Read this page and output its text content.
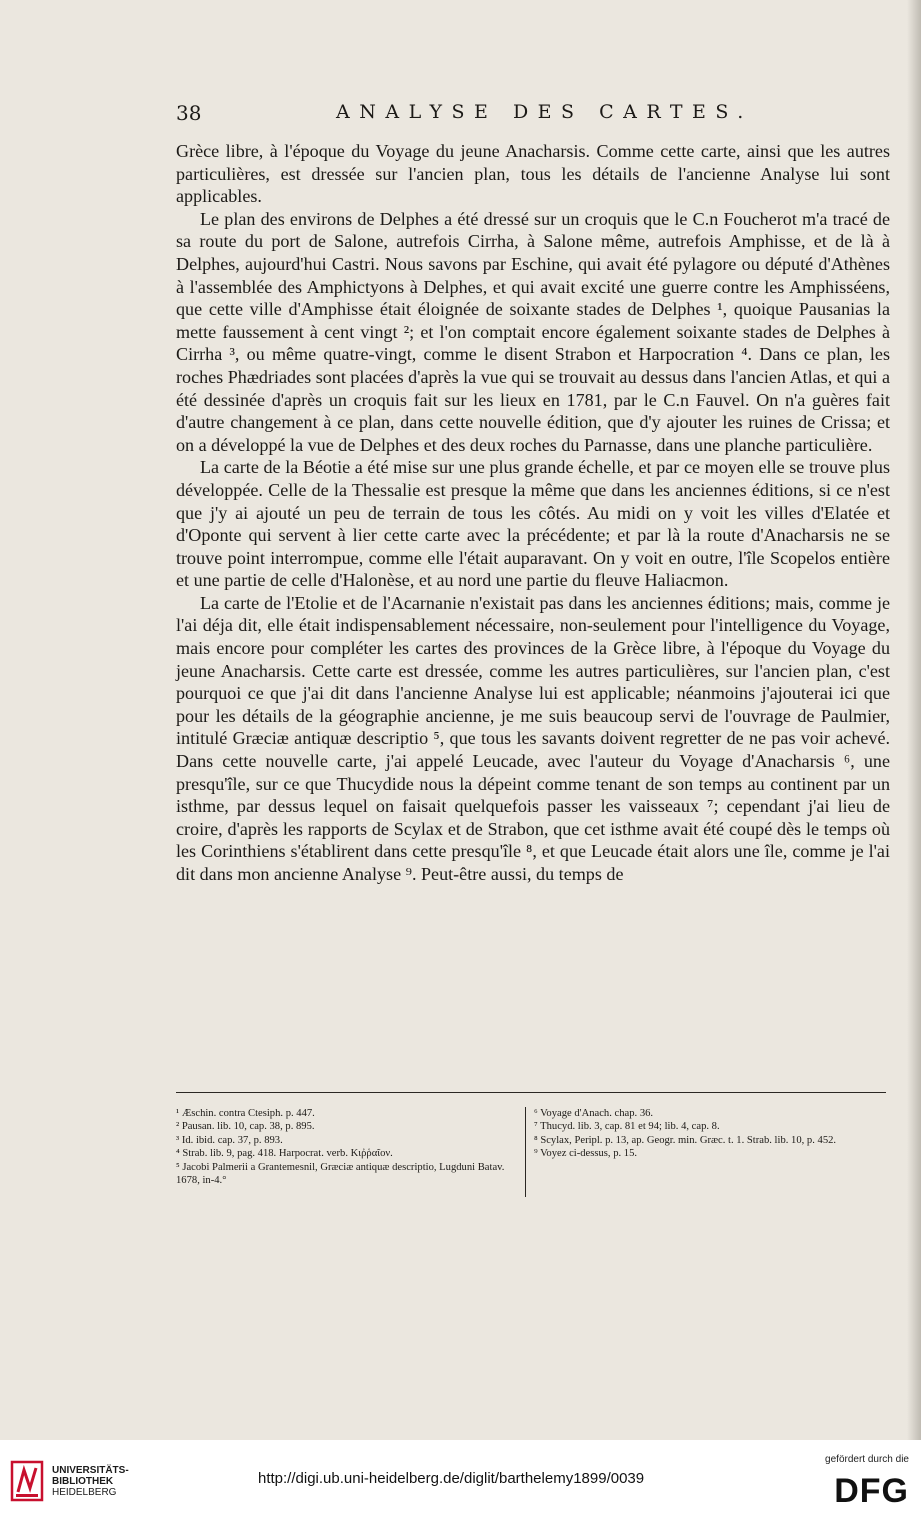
38	ANALYSE DES CARTES.

Grèce libre, à l'époque du Voyage du jeune Anacharsis. Comme cette carte, ainsi que les autres particulières, est dressée sur l'ancien plan, tous les détails de l'ancienne Analyse lui sont applicables.

Le plan des environs de Delphes a été dressé sur un croquis que le C.n Foucherot m'a tracé de sa route du port de Salone, autrefois Cirrha, à Salone même, autrefois Amphisse, et de là à Delphes, aujourd'hui Castri. Nous savons par Eschine, qui avait été pylagore ou député d'Athènes à l'assemblée des Amphictyons à Delphes, et qui avait excité une guerre contre les Amphisséens, que cette ville d'Amphisse était éloignée de soixante stades de Delphes ¹, quoique Pausanias la mette faussement à cent vingt ²; et l'on comptait encore également soixante stades de Delphes à Cirrha ³, ou même quatre-vingt, comme le disent Strabon et Harpocration ⁴. Dans ce plan, les roches Phædriades sont placées d'après la vue qui se trouvait au dessus dans l'ancien Atlas, et qui a été dessinée d'après un croquis fait sur les lieux en 1781, par le C.n Fauvel. On n'a guères fait d'autre changement à ce plan, dans cette nouvelle édition, que d'y ajouter les ruines de Crissa; et on a développé la vue de Delphes et des deux roches du Parnasse, dans une planche particulière.

La carte de la Béotie a été mise sur une plus grande échelle, et par ce moyen elle se trouve plus développée. Celle de la Thessalie est presque la même que dans les anciennes éditions, si ce n'est que j'y ai ajouté un peu de terrain de tous les côtés. Au midi on y voit les villes d'Elatée et d'Oponte qui servent à lier cette carte avec la précédente; et par là la route d'Anacharsis ne se trouve point interrompue, comme elle l'était auparavant. On y voit en outre, l'île Scopelos entière et une partie de celle d'Halonèse, et au nord une partie du fleuve Haliacmon.

La carte de l'Etolie et de l'Acarnanie n'existait pas dans les anciennes éditions; mais, comme je l'ai déja dit, elle était indispensablement nécessaire, non-seulement pour l'intelligence du Voyage, mais encore pour compléter les cartes des provinces de la Grèce libre, à l'époque du Voyage du jeune Anacharsis. Cette carte est dressée, comme les autres particulières, sur l'ancien plan, c'est pourquoi ce que j'ai dit dans l'ancienne Analyse lui est applicable; néanmoins j'ajouterai ici que pour les détails de la géographie ancienne, je me suis beaucoup servi de l'ouvrage de Paulmier, intitulé Græciæ antiquæ descriptio ⁵, que tous les savants doivent regretter de ne pas voir achevé. Dans cette nouvelle carte, j'ai appelé Leucade, avec l'auteur du Voyage d'Anacharsis ⁶, une presqu'île, sur ce que Thucydide nous la dépeint comme tenant de son temps au continent par un isthme, par dessus lequel on faisait quelquefois passer les vaisseaux ⁷; cependant j'ai lieu de croire, d'après les rapports de Scylax et de Strabon, que cet isthme avait été coupé dès le temps où les Corinthiens s'établirent dans cette presqu'île ⁸, et que Leucade était alors une île, comme je l'ai dit dans mon ancienne Analyse ⁹. Peut-être aussi, du temps de

¹ Æschin. contra Ctesiph. p. 447.

² Pausan. lib. 10, cap. 38, p. 895.

³ Id. ibid. cap. 37, p. 893.

⁴ Strab. lib. 9, pag. 418. Harpocrat. verb. Κιῤῥαῖον.

⁵ Jacobi Palmerii a Grantemesnil, Græciæ antiquæ descriptio, Lugduni Batav. 1678, in-4.°

⁶ Voyage d'Anach. chap. 36.

⁷ Thucyd. lib. 3, cap. 81 et 94; lib. 4, cap. 8.

⁸ Scylax, Peripl. p. 13, ap. Geogr. min. Græc. t. 1. Strab. lib. 10, p. 452.

⁹ Voyez ci-dessus, p. 15.

UNIVERSITÄTS-
BIBLIOTHEK
HEIDELBERG
http://digi.ub.uni-heidelberg.de/diglit/barthelemy1899/0039
gefördert durch die
DFG
